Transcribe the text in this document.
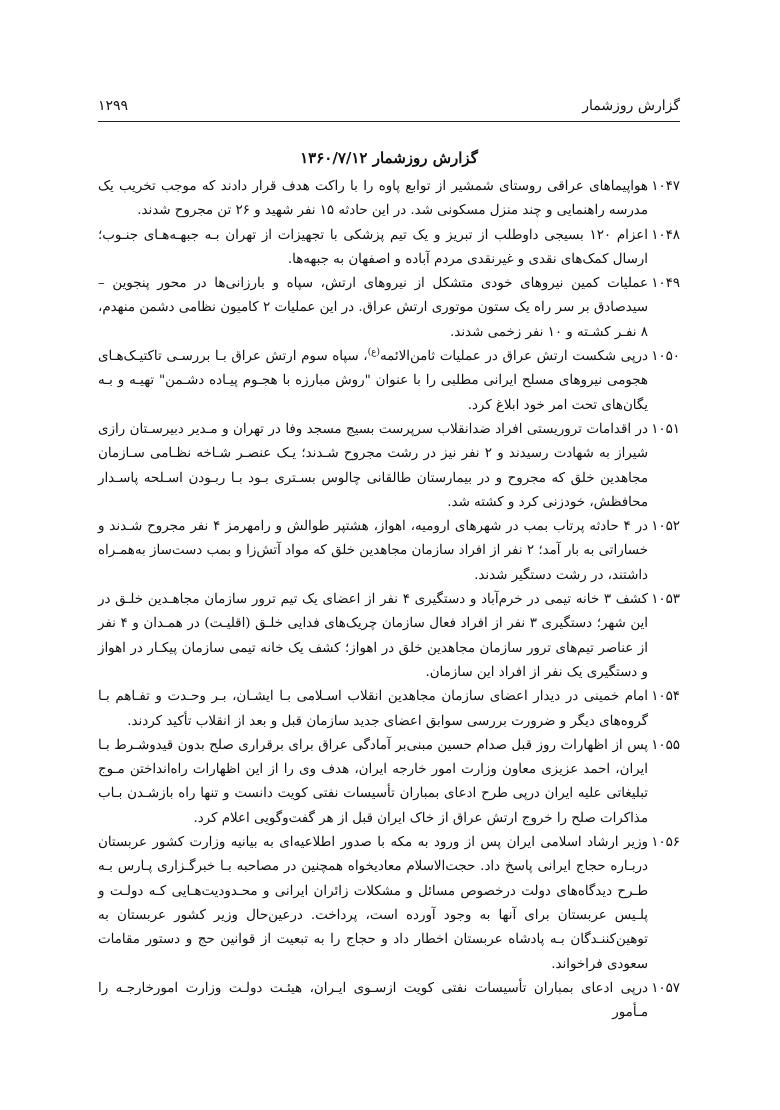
گزارش روزشمار
۱۲۹۹
گزارش روزشمار ۱۳۶۰/۷/۱۲

۱۰۴۷هواپیماهای عراقی روستای شمشیر از توابع پاوه را با راکت هدف قرار دادند که موجب تخریب یک مدرسه راهنمایی و چند منزل مسکونی شد. در این حادثه ۱۵ نفر شهید و ۲۶ تن مجروح شدند.

۱۰۴۸اعزام ۱۲۰ بسیجی داوطلب از تبریز و یک تیم پزشکی با تجهیزات از تهران بـه جبهـه‌هـای جنـوب؛ ارسال کمک‌های نقدی و غیرنقدی مردم آباده و اصفهان به جبهه‌ها.

۱۰۴۹عملیات کمین نیروهای خودی متشکل از نیروهای ارتش، سپاه و بارزانی‌ها در محور پنجوین – سیدصادق بر سر راه یک ستون موتوری ارتش عراق. در این عملیات ۲ کامیون نظامی دشمن منهدم، ۸ نفـر کشـته و ۱۰ نفر زخمی شدند.

۱۰۵۰درپی شکست ارتش عراق در عملیات ثامن‌الائمه$^{(ع)}$، سپاه سوم ارتش عراق بـا بررسـی تاکتیـک‌هـای هجومی نیروهای مسلح ایرانی مطلبی را با عنوان "روش مبارزه با هجـوم پیـاده دشـمن" تهیـه و بـه یگان‌های تحت امر خود ابلاغ کرد.

۱۰۵۱در اقدامات تروریستی افراد ضدانقلاب سرپرست بسیج مسجد وفا در تهران و مـدیر دبیرسـتان رازی شیراز به شهادت رسیدند و ۲ نفر نیز در رشت مجروح شـدند؛ یـک عنصـر شـاخه نظـامی سـازمان مجاهدین خلق که مجروح و در بیمارستان طالقانی چالوس بسـتری بـود بـا ربـودن اسـلحه پاسـدار محافظش، خودزنی کرد و کشته شد.

۱۰۵۲در ۴ حادثه پرتاب بمب در شهرهای ارومیه، اهواز، هشتپر طوالش و رامهرمز ۴ نفر مجروح شـدند و خساراتی به بار آمد؛ ۲ نفر از افراد سازمان مجاهدین خلق که مواد آتش‌زا و بمب دست‌ساز به‌همـراه داشتند، در رشت دستگیر شدند.

۱۰۵۳کشف ۳ خانه تیمی در خرم‌آباد و دستگیری ۴ نفر از اعضای یک تیم ترور سازمان مجاهـدین خلـق در این شهر؛ دستگیری ۳ نفر از افراد فعال سازمان چریک‌های فدایی خلـق (اقلیـت) در همـدان و ۴ نفر از عناصر تیم‌های ترور سازمان مجاهدین خلق در اهواز؛ کشف یک خانه تیمی سازمان پیکـار در اهواز و دستگیری یک نفر از افراد این سازمان.

۱۰۵۴امام خمینی در دیدار اعضای سازمان مجاهدین انقلاب اسـلامی بـا ایشـان، بـر وحـدت و تفـاهم بـا گروه‌های دیگر و ضرورت بررسی سوابق اعضای جدید سازمان قبل و بعد از انقلاب تأکید کردند.

۱۰۵۵پس از اظهارات روز قبل صدام حسین مبنی‌بر آمادگی عراق برای برقراری صلح بدون قیدوشـرط بـا ایران، احمد عزیزی معاون وزارت امور خارجه ایران، هدف وی را از این اظهارات راه‌انداختن مـوج تبلیغاتی علیه ایران درپی طرح ادعای بمباران تأسیسات نفتی کویت دانست و تنها راه بازشـدن بـاب مذاکرات صلح را خروج ارتش عراق از خاک ایران قبل از هر گفت‌وگویی اعلام کرد.

۱۰۵۶وزیر ارشاد اسلامی ایران پس از ورود به مکه با صدور اطلاعیه‌ای به بیانیه وزارت کشور عربستان دربـاره حجاج ایرانی پاسخ داد. حجت‌الاسلام معادیخواه همچنین در مصاحبه بـا خبرگـزاری پـارس بـه طـرح دیدگاه‌های دولت درخصوص مسائل و مشکلات زائران ایرانی و محـدودیت‌هـایی کـه دولـت و پلـیس عربستان برای آنها به وجود آورده است، پرداخت. درعین‌حال وزیر کشور عربستان به توهین‌کننـدگان بـه پادشاه عربستان اخطار داد و حجاج را به تبعیت از قوانین حج و دستور مقامات سعودی فراخواند.

۱۰۵۷درپی ادعای بمباران تأسیسات نفتی کویت ازسـوی ایـران، هیئـت دولـت وزارت امورخارجـه را مـأمور
